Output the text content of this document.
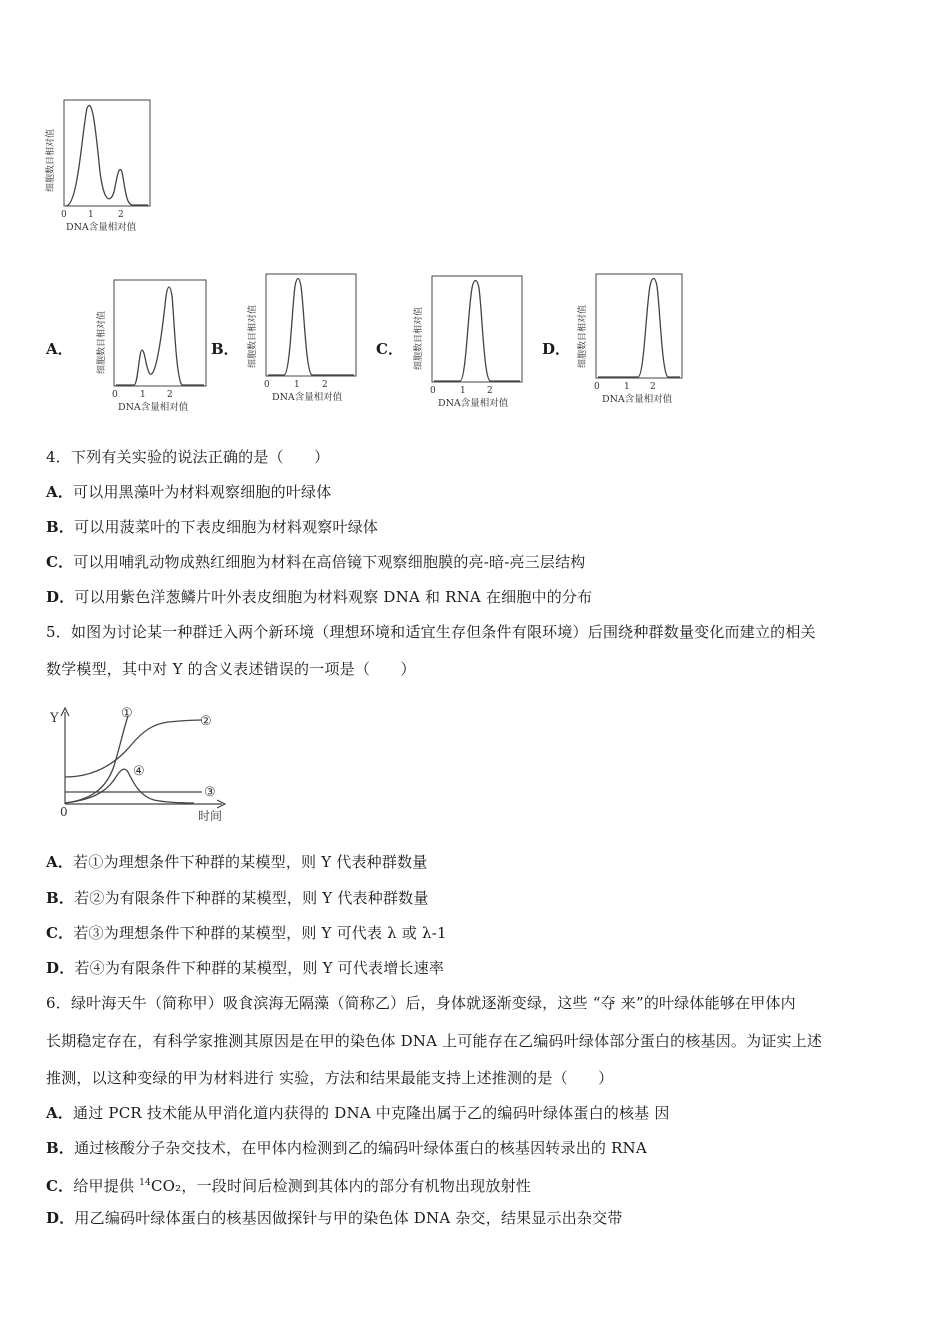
细胞数目相对值
0 1	2
DNA含量相对值
A．	细胞数目相对值
0 1 2
DNA含量相对值
B． 细胞数目相对值
0	1 2
DNA含量相对值
C． 细胞数目相对值
0	1 2
DNA含量相对值
D． 细胞数目相对值
0	1 2
DNA含量相对值
4．下列有关实验的说法正确的是（　　）
A．可以用黑藻叶为材料观察细胞的叶绿体
B．可以用菠菜叶的下表皮细胞为材料观察叶绿体
C．可以用哺乳动物成熟红细胞为材料在高倍镜下观察细胞膜的亮-暗-亮三层结构
D．可以用紫色洋葱鳞片叶外表皮细胞为材料观察 DNA 和 RNA 在细胞中的分布
5．如图为讨论某一种群迁入两个新环境（理想环境和适宜生存但条件有限环境）后围绕种群数量变化而建立的相关
数学模型，其中对 Y 的含义表述错误的一项是（　　）
Y	①
②
④
③
0	时间
A．若①为理想条件下种群的某模型，则 Y 代表种群数量
B．若②为有限条件下种群的某模型，则 Y 代表种群数量
C．若③为理想条件下种群的某模型，则 Y 可代表 λ 或 λ-1
D．若④为有限条件下种群的某模型，则 Y 可代表增长速率
6．绿叶海天牛（简称甲）吸食滨海无隔藻（简称乙）后，身体就逐渐变绿，这些 “夺 来”的叶绿体能够在甲体内
长期稳定存在，有科学家推测其原因是在甲的染色体 DNA 上可能存在乙编码叶绿体部分蛋白的核基因。为证实上述
推测，以这种变绿的甲为材料进行 实验，方法和结果最能支持上述推测的是（　　）
A．通过 PCR 技术能从甲消化道内获得的 DNA 中克隆出属于乙的编码叶绿体蛋白的核基 因
B．通过核酸分子杂交技术，在甲体内检测到乙的编码叶绿体蛋白的核基因转录出的 RNA
C．给甲提供 $^{14}$CO₂，一段时间后检测到其体内的部分有机物出现放射性
D．用乙编码叶绿体蛋白的核基因做探针与甲的染色体 DNA 杂交，结果显示出杂交带
